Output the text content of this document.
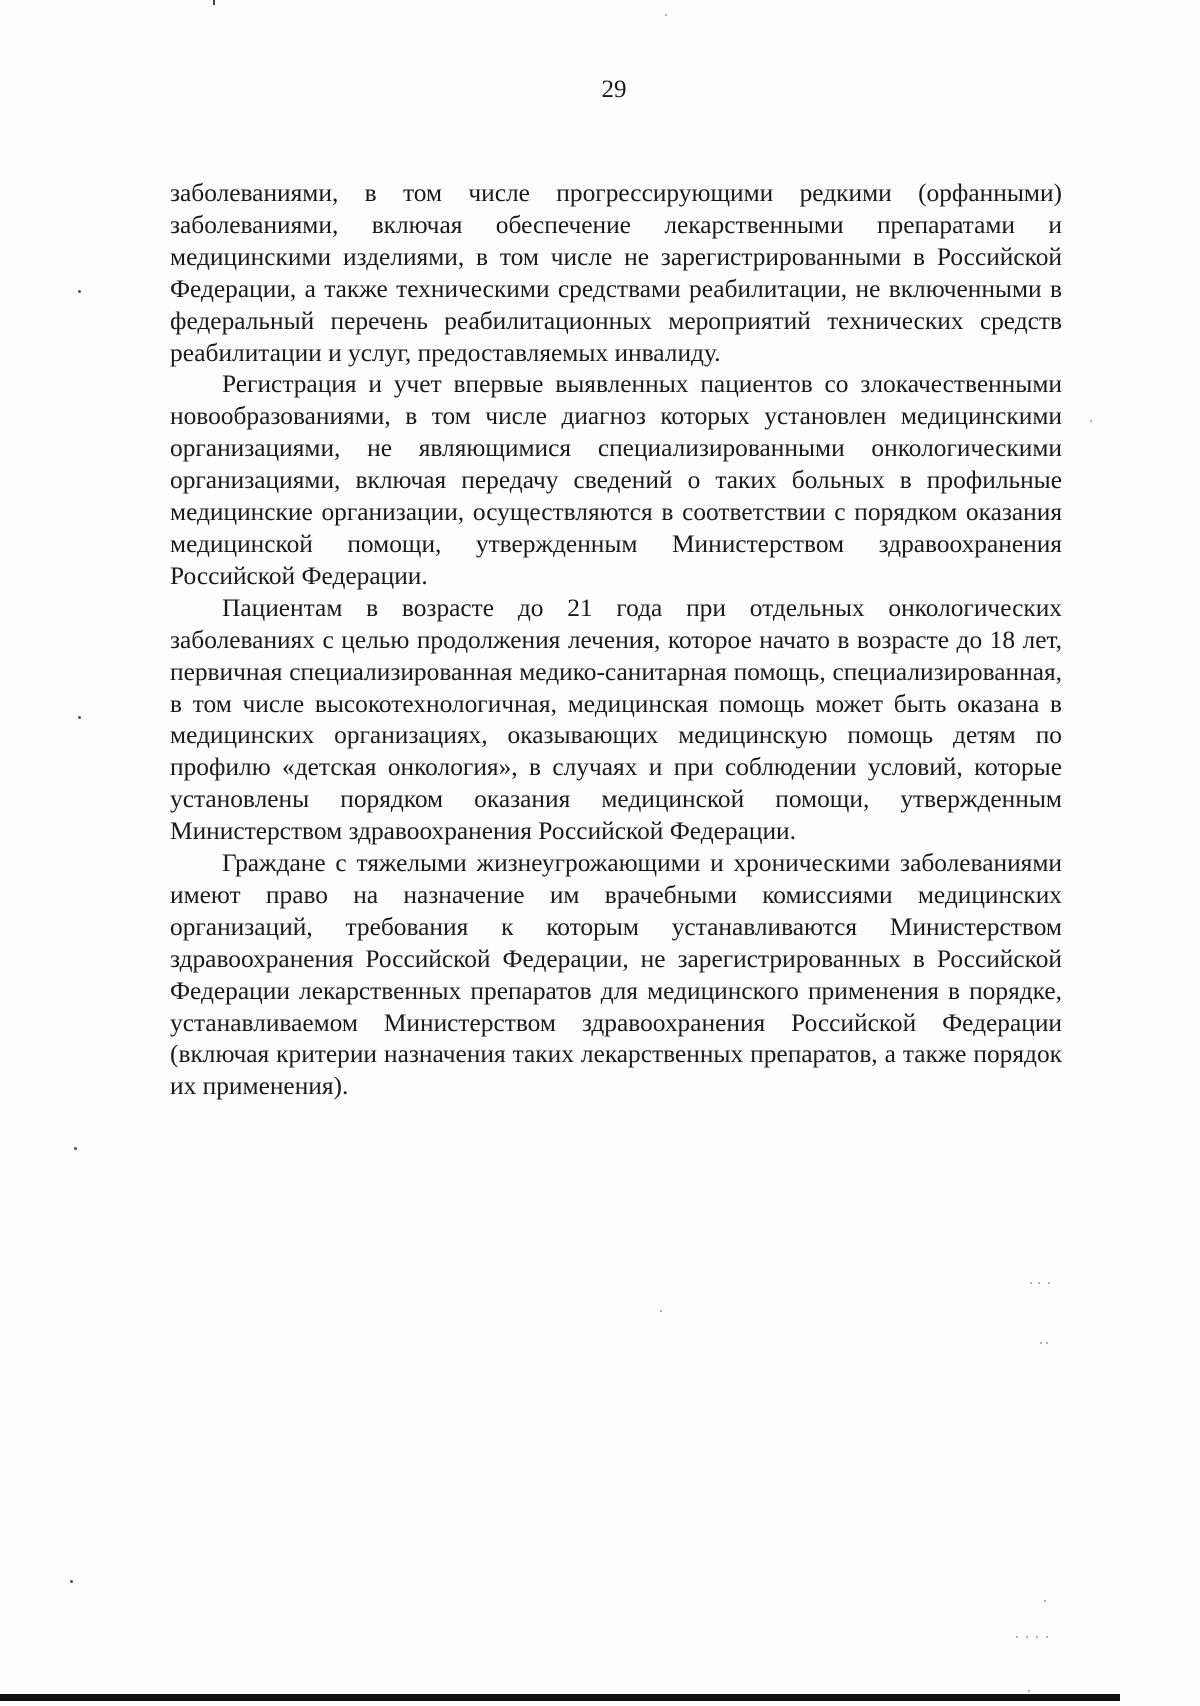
29

заболеваниями, в том числе прогрессирующими редкими (орфанными) заболеваниями, включая обеспечение лекарственными препаратами и медицинскими изделиями, в том числе не зарегистрированными в Российской Федерации, а также техническими средствами реабилитации, не включенными в федеральный перечень реабилитационных мероприятий технических средств реабилитации и услуг, предоставляемых инвалиду.

Регистрация и учет впервые выявленных пациентов со злокачественными новообразованиями, в том числе диагноз которых установлен медицинскими организациями, не являющимися специализированными онкологическими организациями, включая передачу сведений о таких больных в профильные медицинские организации, осуществляются в соответствии с порядком оказания медицинской помощи, утвержденным Министерством здравоохранения Российской Федерации.

Пациентам в возрасте до 21 года при отдельных онкологических заболеваниях с целью продолжения лечения, которое начато в возрасте до 18 лет, первичная специализированная медико-санитарная помощь, специализированная, в том числе высокотехнологичная, медицинская помощь может быть оказана в медицинских организациях, оказывающих медицинскую помощь детям по профилю «детская онкология», в случаях и при соблюдении условий, которые установлены порядком оказания медицинской помощи, утвержденным Министерством здравоохранения Российской Федерации.

Граждане с тяжелыми жизнеугрожающими и хроническими заболеваниями имеют право на назначение им врачебными комиссиями медицинских организаций, требования к которым устанавливаются Министерством здравоохранения Российской Федерации, не зарегистрированных в Российской Федерации лекарственных препаратов для медицинского применения в порядке, устанавливаемом Министерством здравоохранения Российской Федерации (включая критерии назначения таких лекарственных препаратов, а также порядок их применения).
